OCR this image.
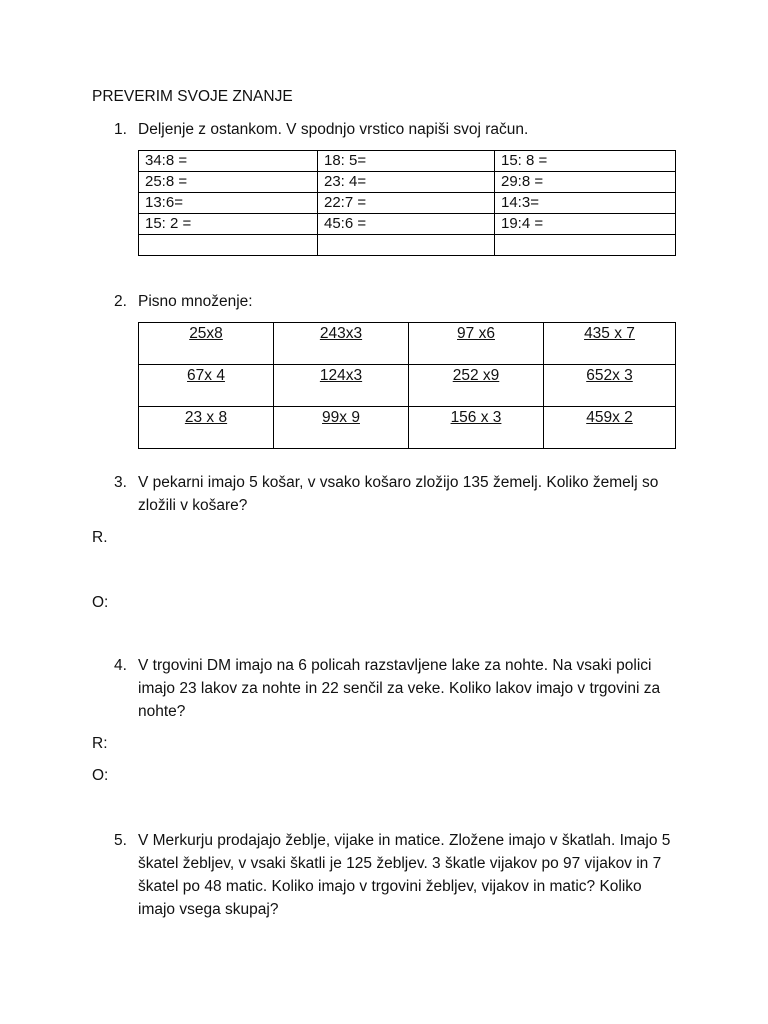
PREVERIM SVOJE ZNANJE
1. Deljenje z ostankom. V spodnjo vrstico napiši svoj račun.
34:8 =	18: 5=	15: 8 =
25:8 =	23: 4=	29:8 =
13:6=	22:7 =	14:3=
15: 2 =	45:6 =	19:4 =

2. Pisno množenje:
25x8	243x3	97 x6	435 x 7
67x 4	124x3	252 x9	652x 3
23 x 8	99x 9	156 x 3	459x 2
3. V pekarni imajo 5 košar, v vsako košaro zložijo 135 žemelj. Koliko žemelj so zložili v košare?
R.
O:
4. V trgovini DM imajo na 6 policah razstavljene lake za nohte. Na vsaki polici imajo 23 lakov za nohte in 22 senčil za veke. Koliko lakov imajo v trgovini za nohte?
R:
O:
5. V Merkurju prodajajo žeblje, vijake in matice. Zložene imajo v škatlah. Imajo 5 škatel žebljev, v vsaki škatli je 125 žebljev. 3 škatle vijakov po 97 vijakov in 7 škatel po 48 matic. Koliko imajo v trgovini žebljev, vijakov in matic? Koliko imajo vsega skupaj?
